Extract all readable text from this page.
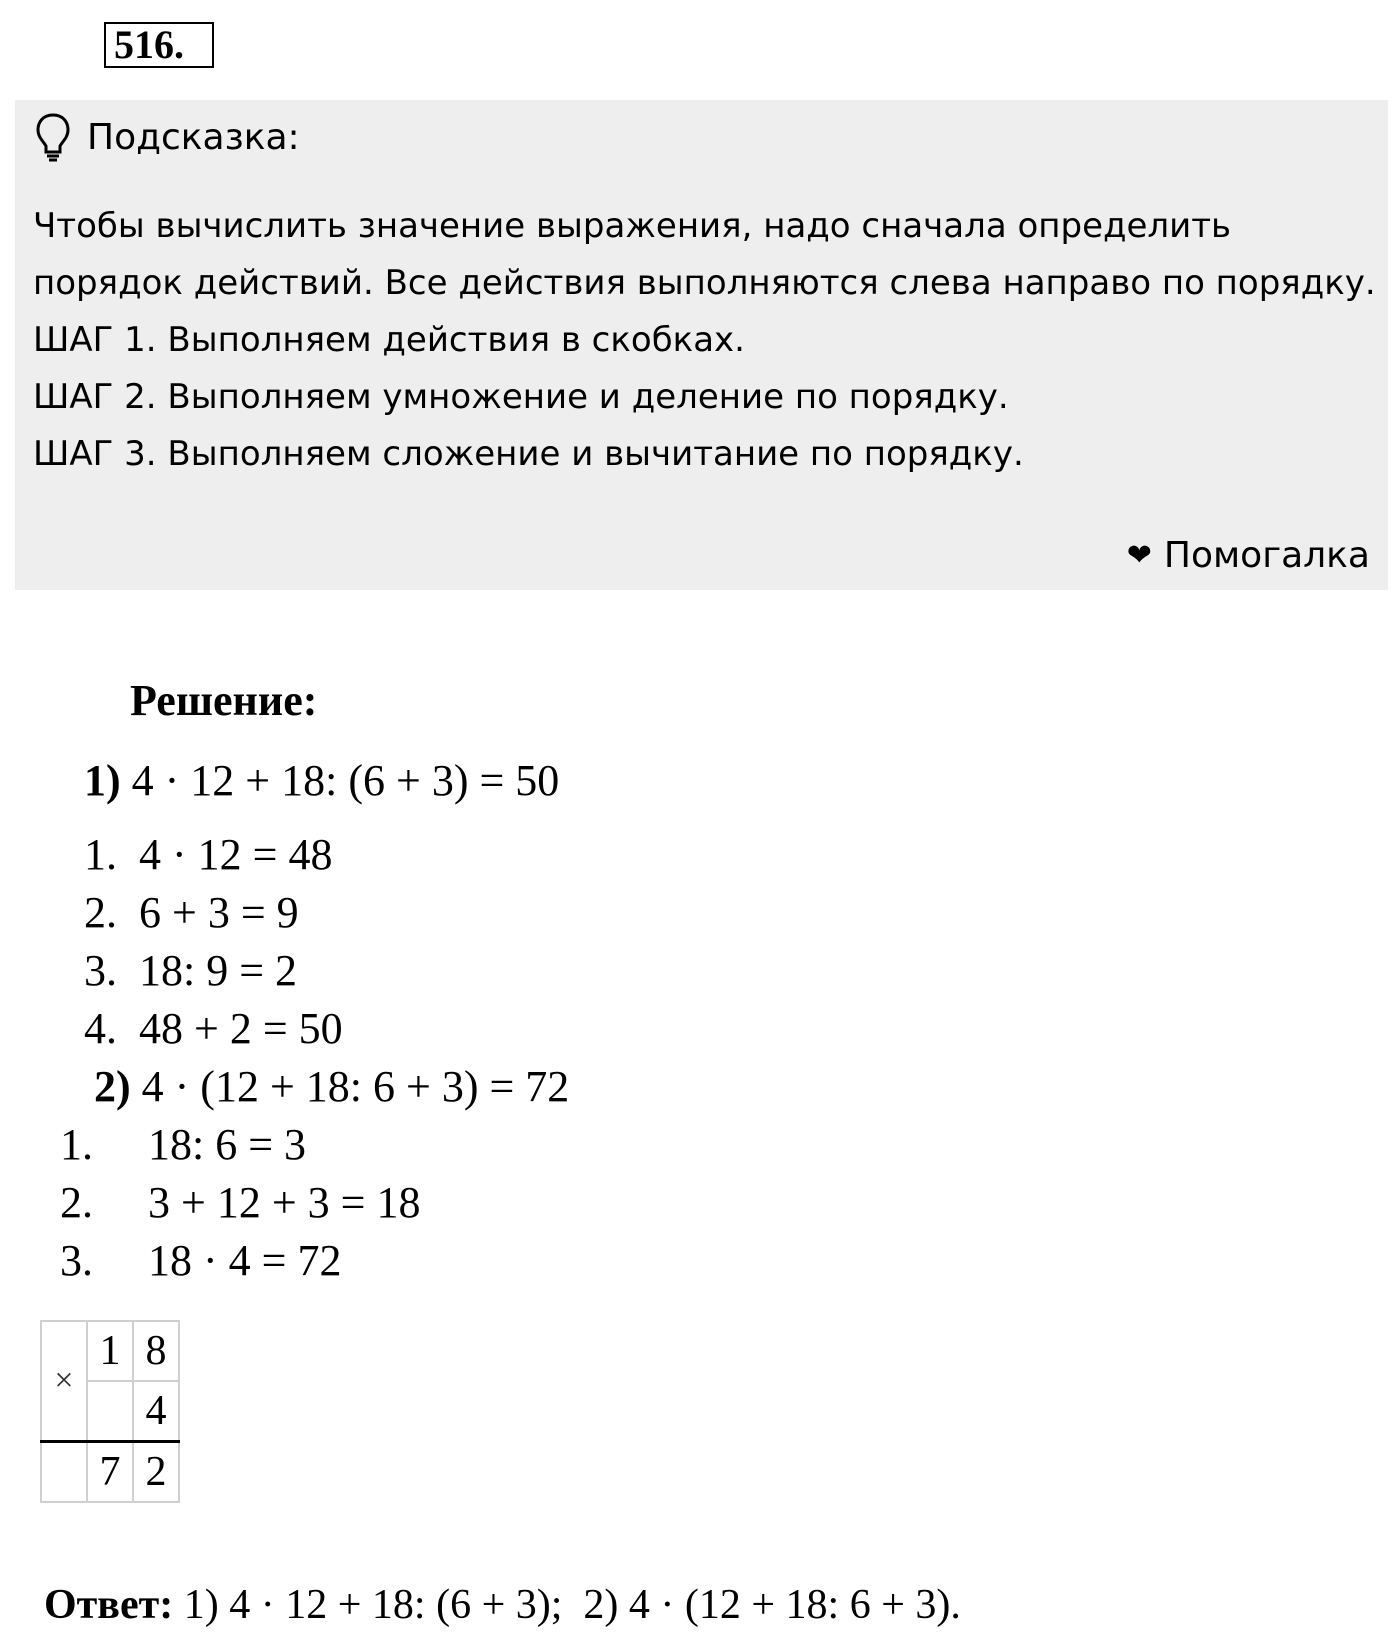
516.
Подсказка:
Чтобы вычислить значение выражения, надо сначала определить порядок действий. Все действия выполняются слева направо по порядку.
ШАГ 1. Выполняем действия в скобках.
ШАГ 2. Выполняем умножение и деление по порядку.
ШАГ 3. Выполняем сложение и вычитание по порядку.
❤ Помогалка
Решение:
1) 4 · 12 + 18: (6 + 3) = 50
1.  4 · 12 = 48
2.  6 + 3 = 9
3.  18: 9 = 2
4.  48 + 2 = 50
2) 4 · (12 + 18: 6 + 3) = 72
1.     18: 6 = 3
2.     3 + 12 + 3 = 18
3.     18 · 4 = 72
×	1	8
		4
	7	2
Ответ: 1) 4 · 12 + 18: (6 + 3);  2) 4 · (12 + 18: 6 + 3).
